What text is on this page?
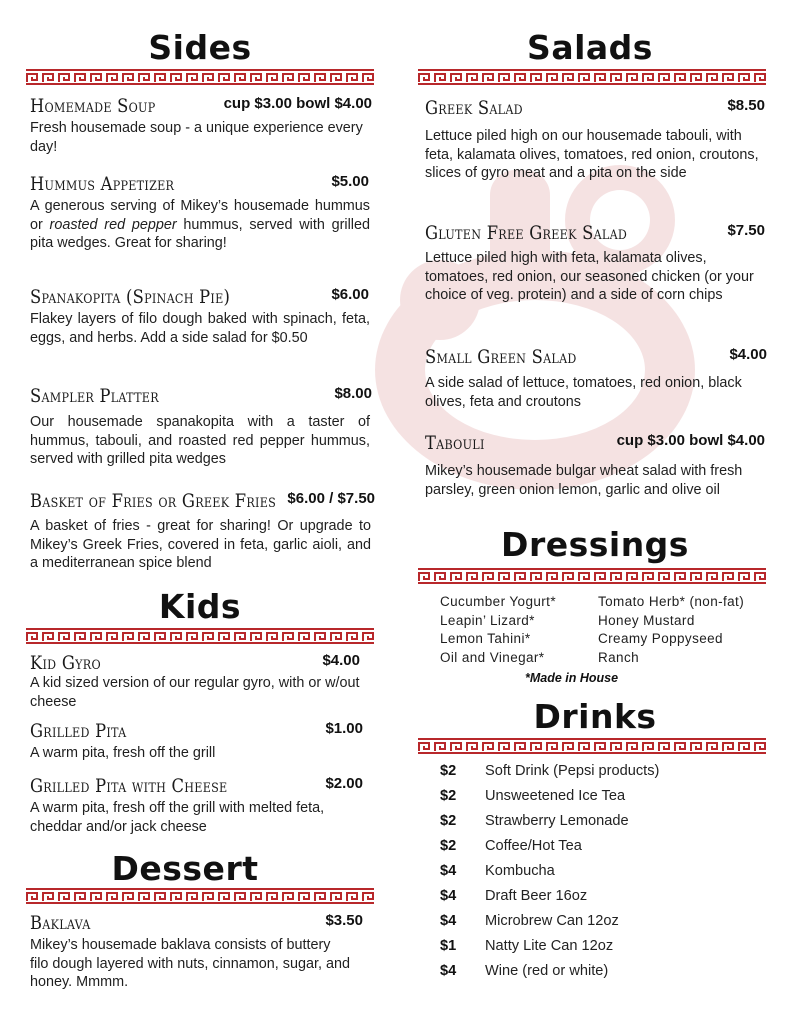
Sides
Homemade Soup	cup $3.00 bowl $4.00
Fresh housemade soup - a unique experience every day!
Hummus Appetizer	$5.00
A generous serving of Mikey’s housemade hummus or roasted red pepper hummus, served with grilled pita wedges. Great for sharing!
Spanakopita (Spinach Pie)	$6.00
Flakey layers of filo dough baked with spinach, feta, eggs, and herbs. Add a side salad for $0.50
Sampler Platter	$8.00
Our housemade spanakopita with a taster of hummus, tabouli, and roasted red pepper hummus, served with grilled pita wedges
Basket of Fries or Greek Fries $6.00 / $7.50
A basket of fries - great for sharing! Or upgrade to Mikey’s Greek Fries, covered in feta, garlic aioli, and a mediterranean spice blend
Kids
Kid Gyro	$4.00
A kid sized version of our regular gyro, with or w/out cheese
Grilled Pita	$1.00
A warm pita, fresh off the grill
Grilled Pita with Cheese	$2.00
A warm pita, fresh off the grill with melted feta, cheddar and/or jack cheese
Dessert
Baklava	$3.50
Mikey’s housemade baklava consists of buttery filo dough layered with nuts, cinnamon, sugar, and honey. Mmmm.
Salads
Greek Salad	$8.50
Lettuce piled high on our housemade tabouli, with feta, kalamata olives, tomatoes, red onion, croutons, slices of gyro meat and a pita on the side
Gluten Free Greek Salad	$7.50
Lettuce piled high with feta, kalamata olives, tomatoes, red onion, our seasoned chicken (or your choice of veg. protein) and a side of corn chips
Small Green Salad	$4.00
A side salad of lettuce, tomatoes, red onion, black olives, feta and croutons
Tabouli	cup $3.00 bowl $4.00
Mikey’s housemade bulgar wheat salad with fresh parsley, green onion lemon, garlic and olive oil
Dressings
Cucumber Yogurt*
Leapin’ Lizard*
Lemon Tahini*
Oil and Vinegar*
Tomato Herb* (non-fat)
Honey Mustard
Creamy Poppyseed
Ranch
*Made in House
Drinks
$2 Soft Drink (Pepsi products)
$2 Unsweetened Ice Tea
$2 Strawberry Lemonade
$2 Coffee/Hot Tea
$4 Kombucha
$4 Draft Beer 16oz
$4 Microbrew Can 12oz
$1 Natty Lite Can 12oz
$4 Wine (red or white)
